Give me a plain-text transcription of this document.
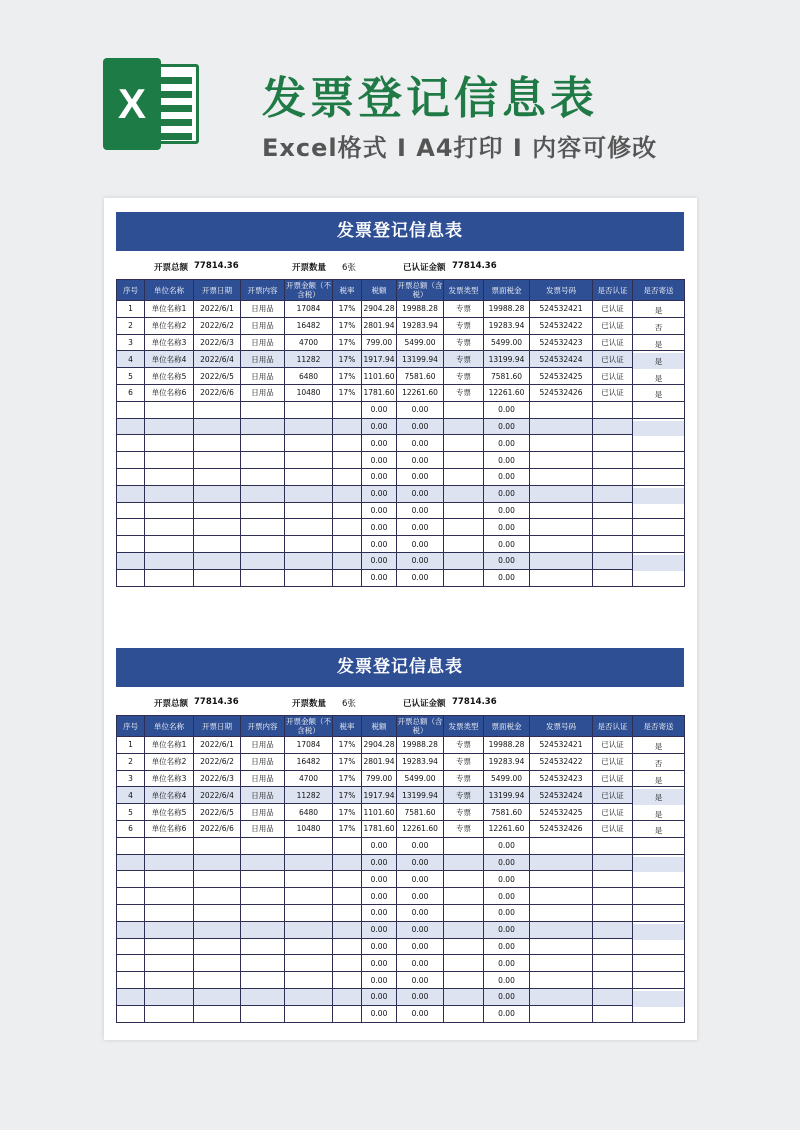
X	发票登记信息表
Excel格式 I A4打印 I 内容可修改
发票登记信息表
开票总额 77814.36	开票数量 6张	已认证金额 77814.36
序号	单位名称	开票日期	开票内容	开票金额（不含税）	税率	税额	开票总额（含税）	发票类型	票面税金	发票号码	是否认证	是否寄送
1	单位名称1	2022/6/1	日用品	17084	17%	2904.28	19988.28	专票	19988.28	524532421	已认证	是
2	单位名称2	2022/6/2	日用品	16482	17%	2801.94	19283.94	专票	19283.94	524532422	已认证	否
3	单位名称3	2022/6/3	日用品	4700	17%	799.00	5499.00	专票	5499.00	524532423	已认证	是
4	单位名称4	2022/6/4	日用品	11282	17%	1917.94	13199.94	专票	13199.94	524532424	已认证	是
5	单位名称5	2022/6/5	日用品	6480	17%	1101.60	7581.60	专票	7581.60	524532425	已认证	是
6	单位名称6	2022/6/6	日用品	10480	17%	1781.60	12261.60	专票	12261.60	524532426	已认证	是
						0.00	0.00		0.00			
						0.00	0.00		0.00			
						0.00	0.00		0.00			
						0.00	0.00		0.00			
						0.00	0.00		0.00			
						0.00	0.00		0.00			
						0.00	0.00		0.00			
						0.00	0.00		0.00			
						0.00	0.00		0.00			
						0.00	0.00		0.00			
						0.00	0.00		0.00			
发票登记信息表
开票总额 77814.36	开票数量 6张	已认证金额 77814.36
序号	单位名称	开票日期	开票内容	开票金额（不含税）	税率	税额	开票总额（含税）	发票类型	票面税金	发票号码	是否认证	是否寄送
1	单位名称1	2022/6/1	日用品	17084	17%	2904.28	19988.28	专票	19988.28	524532421	已认证	是
2	单位名称2	2022/6/2	日用品	16482	17%	2801.94	19283.94	专票	19283.94	524532422	已认证	否
3	单位名称3	2022/6/3	日用品	4700	17%	799.00	5499.00	专票	5499.00	524532423	已认证	是
4	单位名称4	2022/6/4	日用品	11282	17%	1917.94	13199.94	专票	13199.94	524532424	已认证	是
5	单位名称5	2022/6/5	日用品	6480	17%	1101.60	7581.60	专票	7581.60	524532425	已认证	是
6	单位名称6	2022/6/6	日用品	10480	17%	1781.60	12261.60	专票	12261.60	524532426	已认证	是
						0.00	0.00		0.00			
						0.00	0.00		0.00			
						0.00	0.00		0.00			
						0.00	0.00		0.00			
						0.00	0.00		0.00			
						0.00	0.00		0.00			
						0.00	0.00		0.00			
						0.00	0.00		0.00			
						0.00	0.00		0.00			
						0.00	0.00		0.00			
						0.00	0.00		0.00			
